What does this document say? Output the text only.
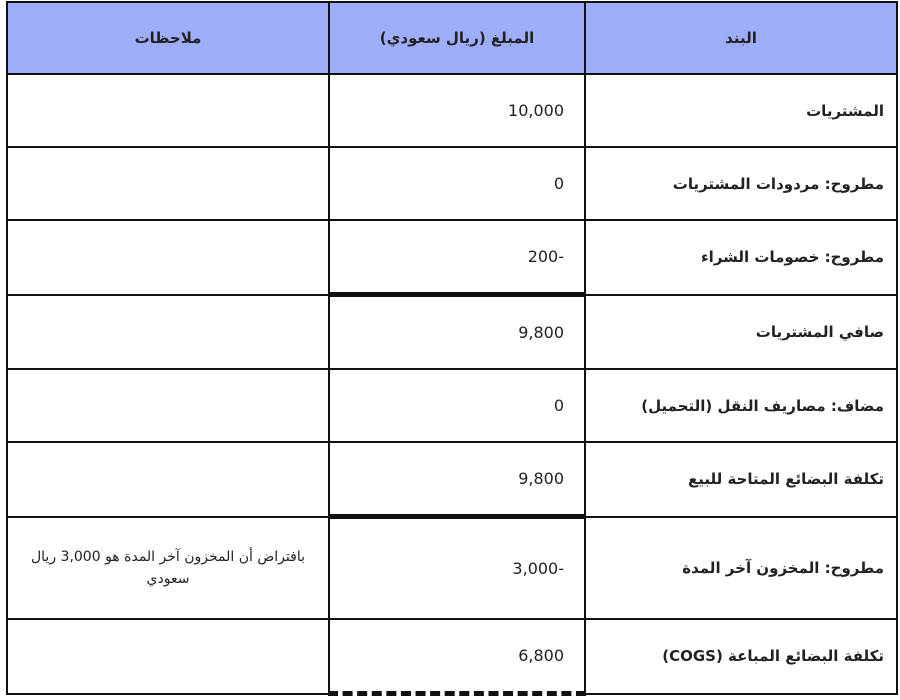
البند	المبلغ (ريال سعودي)	ملاحظات
المشتريات	10,000	

مطروح: مردودات المشتريات	0	

مطروح: خصومات الشراء	200-	

صافي المشتريات	9,800	

مضاف: مصاريف النقل (التحميل)	0	

تكلفة البضائع المتاحة للبيع	9,800	

مطروح: المخزون آخر المدة	3,000-	بافتراض أن المخزون آخر المدة هو 3,000 ريال سعودي
تكلفة البضائع المباعة (COGS)	6,800	
